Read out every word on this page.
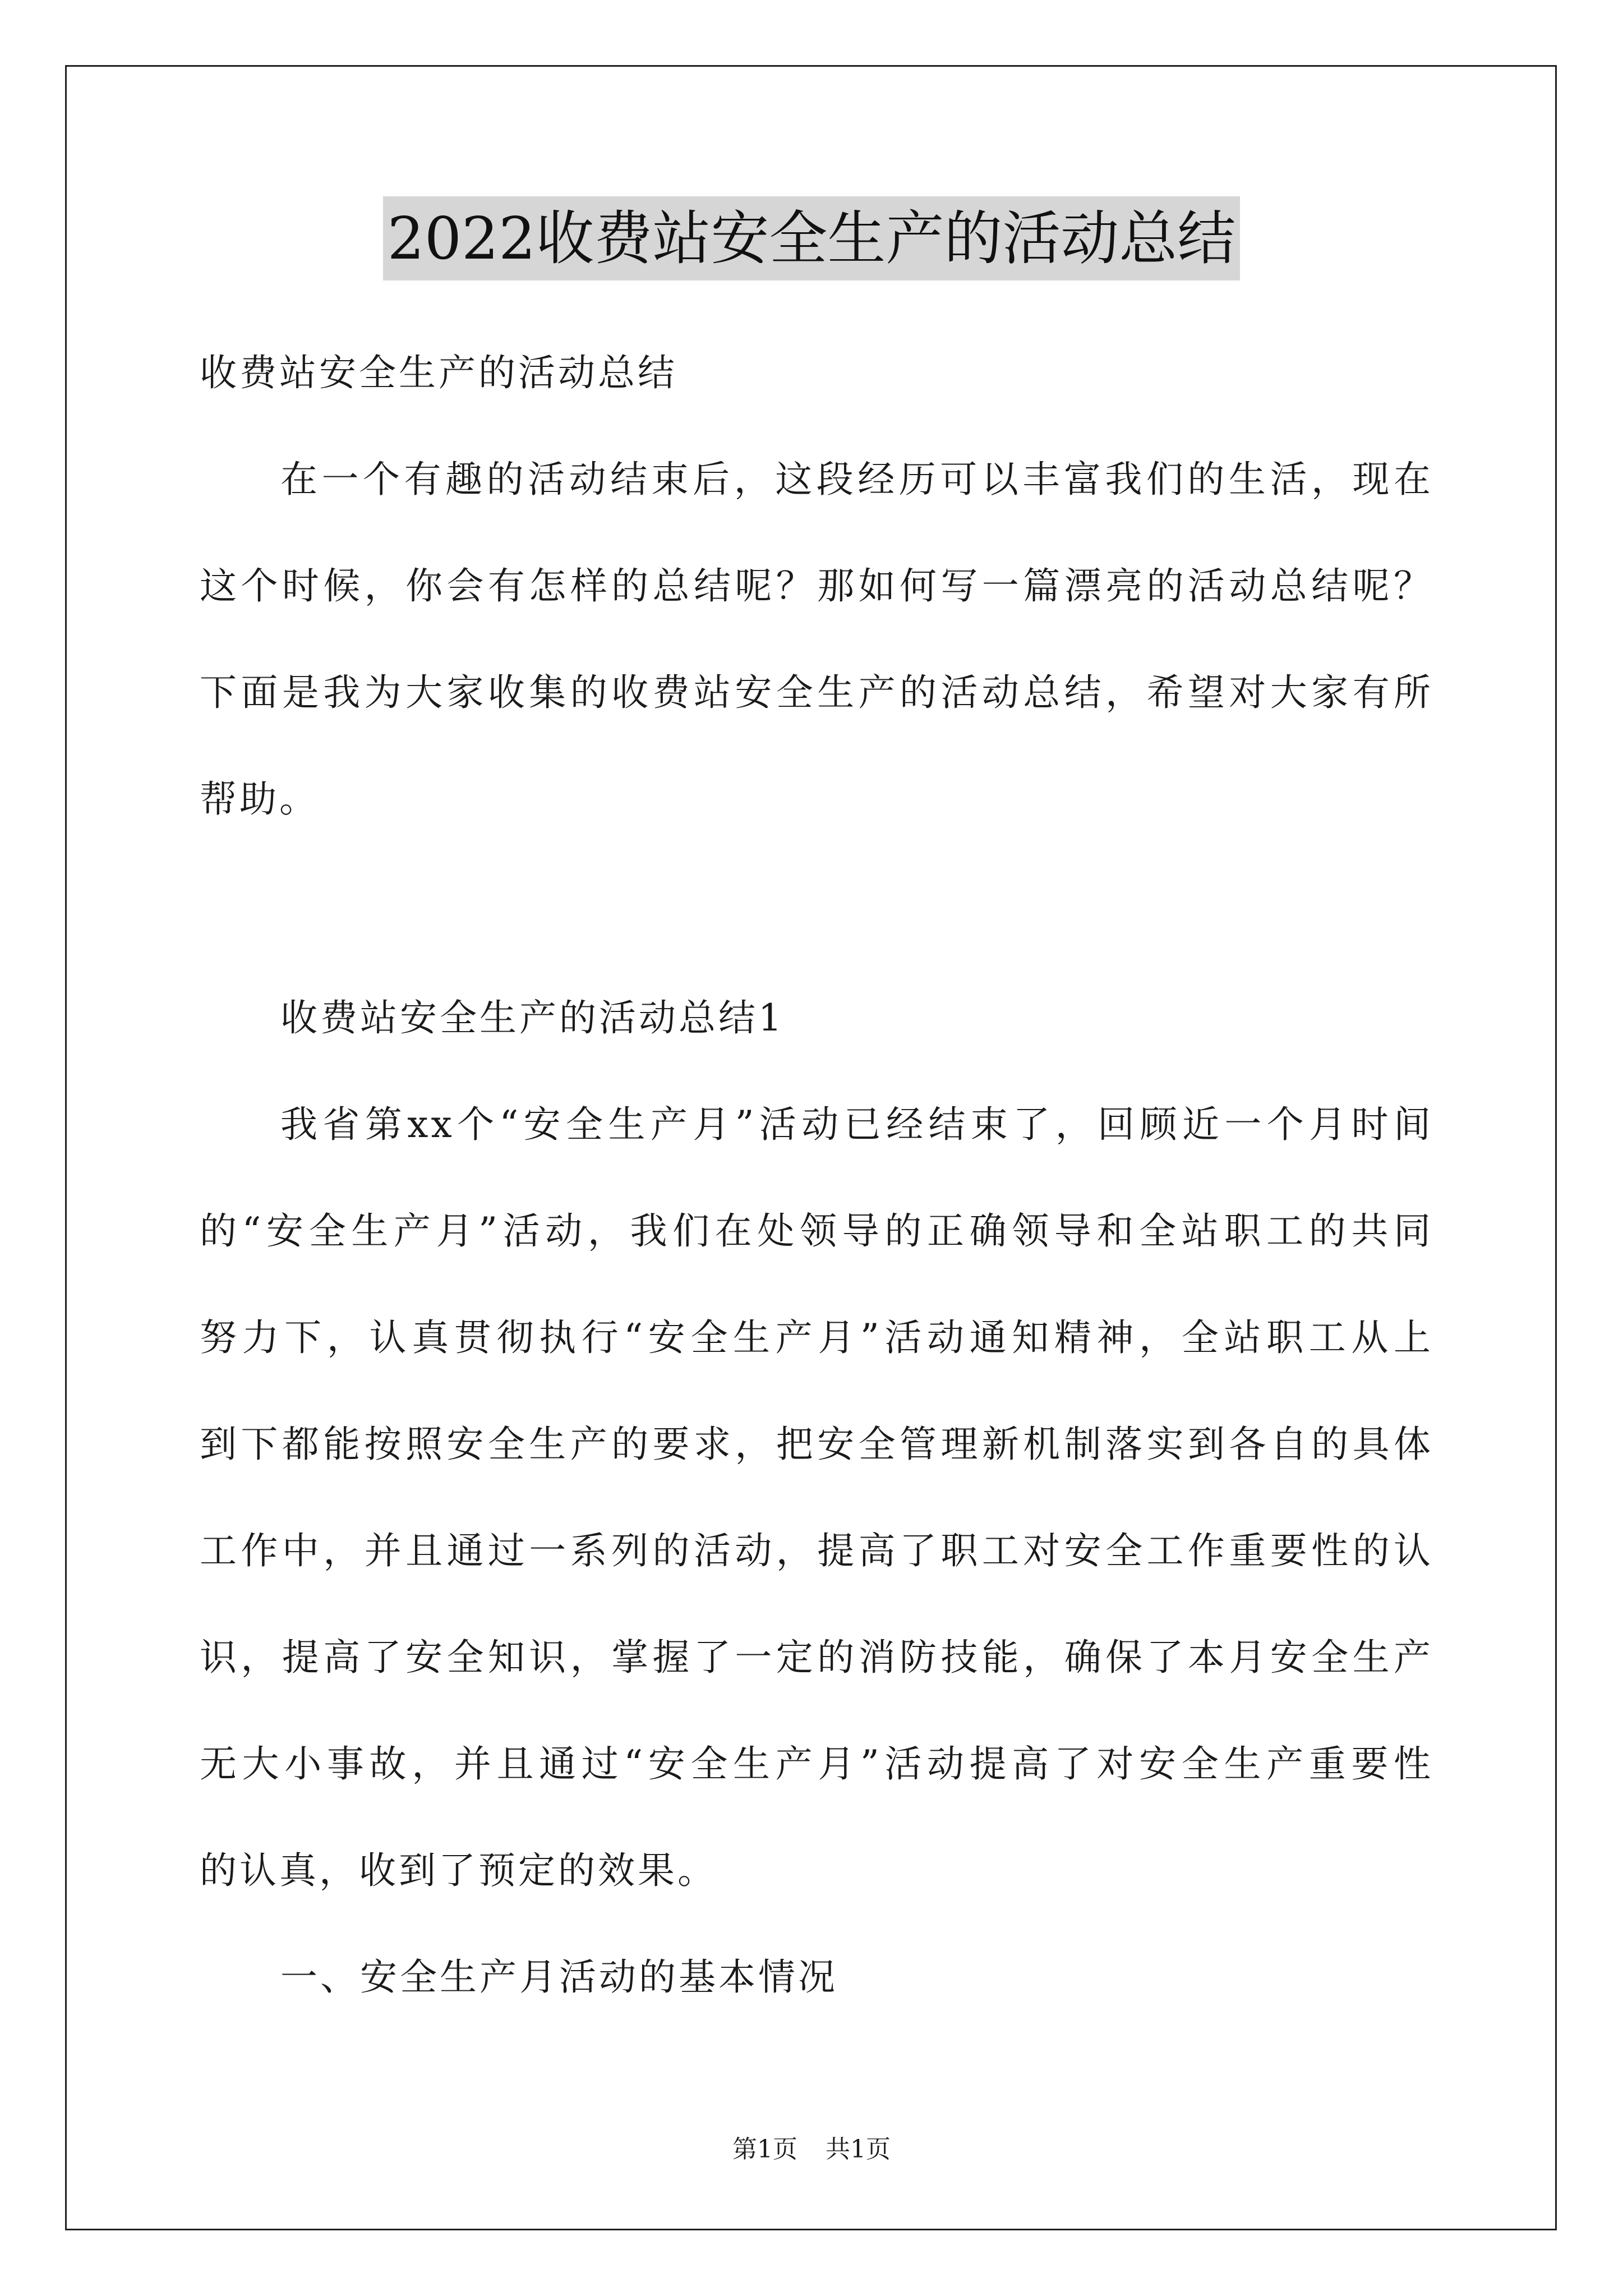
2022收费站安全生产的活动总结
收费站安全生产的活动总结
在一个有趣的活动结束后，这段经历可以丰富我们的生活，现在
这个时候，你会有怎样的总结呢？那如何写一篇漂亮的活动总结呢？
下面是我为大家收集的收费站安全生产的活动总结，希望对大家有所
帮助。
收费站安全生产的活动总结1
我省第xx个“安全生产月”活动已经结束了，回顾近一个月时间
的“安全生产月”活动，我们在处领导的正确领导和全站职工的共同
努力下，认真贯彻执行“安全生产月”活动通知精神，全站职工从上
到下都能按照安全生产的要求，把安全管理新机制落实到各自的具体
工作中，并且通过一系列的活动，提高了职工对安全工作重要性的认
识，提高了安全知识，掌握了一定的消防技能，确保了本月安全生产
无大小事故，并且通过“安全生产月”活动提高了对安全生产重要性
的认真，收到了预定的效果。
一、安全生产月活动的基本情况
第1页 共1页
